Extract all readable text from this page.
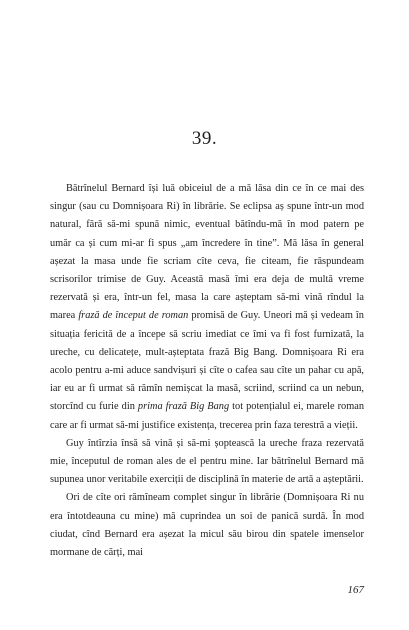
39.

Bătrînelul Bernard își luă obiceiul de a mă lăsa din ce în ce mai des singur (sau cu Domnișoara Ri) în librărie. Se eclipsa aș spune într-un mod natural, fără să-mi spună nimic, eventual bătîndu-mă în mod patern pe umăr ca și cum mi-ar fi spus „am încredere în tine”. Mă lăsa în general așezat la masa unde fie scriam cîte ceva, fie citeam, fie răspundeam scrisorilor trimise de Guy. Această masă îmi era deja de multă vreme rezervată și era, într-un fel, masa la care așteptam să-mi vină rîndul la marea frază de început de roman promisă de Guy. Uneori mă și vedeam în situația fericită de a începe să scriu imediat ce îmi va fi fost furnizată, la ureche, cu delicatețe, mult-așteptata frază Big Bang. Domnișoara Ri era acolo pentru a-mi aduce sandvișuri și cîte o cafea sau cîte un pahar cu apă, iar eu ar fi urmat să rămîn nemișcat la masă, scriind, scriind ca un nebun, storcînd cu furie din prima frază Big Bang tot potențialul ei, marele roman care ar fi urmat să-mi justifice existența, trecerea prin faza terestră a vieții.

Guy întîrzia însă să vină și să-mi șoptească la ureche fraza rezervată mie, începutul de roman ales de el pentru mine. Iar bătrînelul Bernard mă supunea unor veritabile exerciții de disciplină în materie de artă a așteptării.

Ori de cîte ori rămîneam complet singur în librărie (Domnișoara Ri nu era întotdeauna cu mine) mă cuprindea un soi de panică surdă. În mod ciudat, cînd Bernard era așezat la micul său birou din spatele imenselor mormane de cărți, mai

167
